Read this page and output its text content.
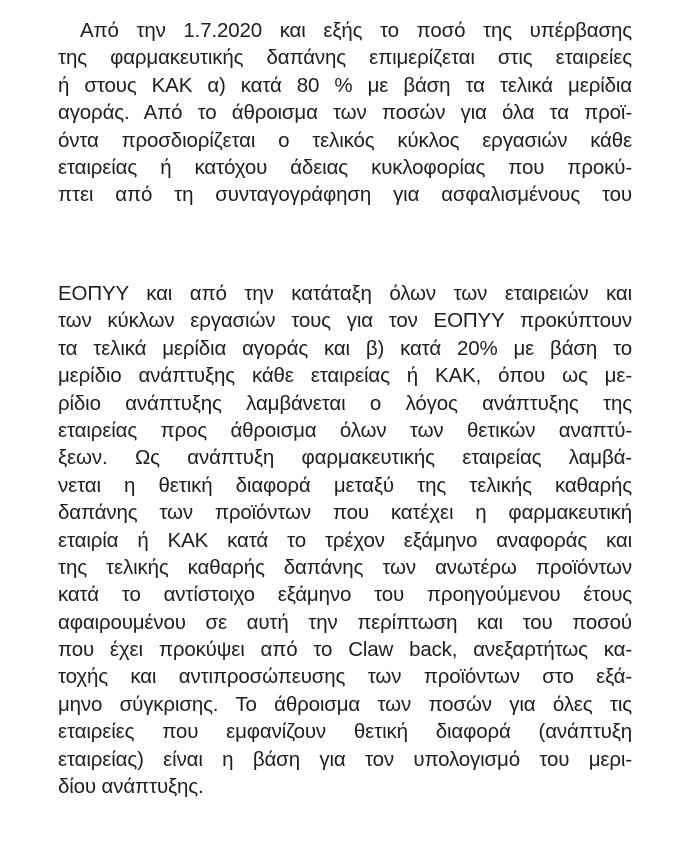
Από την 1.7.2020 και εξής το ποσό της υπέρβασης
της φαρμακευτικής δαπάνης επιμερίζεται στις εταιρείες
ή στους ΚΑΚ α) κατά 80 % με βάση τα τελικά μερίδια
αγοράς. Από το άθροισμα των ποσών για όλα τα προϊ-
όντα προσδιορίζεται ο τελικός κύκλος εργασιών κάθε
εταιρείας ή κατόχου άδειας κυκλοφορίας που προκύ-
πτει από τη συνταγογράφηση για ασφαλισμένους του
ΕΟΠΥΥ και από την κατάταξη όλων των εταιρειών και
των κύκλων εργασιών τους για τον ΕΟΠΥΥ προκύπτουν
τα τελικά μερίδια αγοράς και β) κατά 20% με βάση το
μερίδιο ανάπτυξης κάθε εταιρείας ή ΚΑΚ, όπου ως με-
ρίδιο ανάπτυξης λαμβάνεται ο λόγος ανάπτυξης της
εταιρείας προς άθροισμα όλων των θετικών αναπτύ-
ξεων. Ως ανάπτυξη φαρμακευτικής εταιρείας λαμβά-
νεται η θετική διαφορά μεταξύ της τελικής καθαρής
δαπάνης των προϊόντων που κατέχει η φαρμακευτική
εταιρία ή ΚΑΚ κατά το τρέχον εξάμηνο αναφοράς και
της τελικής καθαρής δαπάνης των ανωτέρω προϊόντων
κατά το αντίστοιχο εξάμηνο του προηγούμενου έτους
αφαιρουμένου σε αυτή την περίπτωση και του ποσού
που έχει προκύψει από το Claw back, ανεξαρτήτως κα-
τοχής και αντιπροσώπευσης των προϊόντων στο εξά-
μηνο σύγκρισης. Το άθροισμα των ποσών για όλες τις
εταιρείες που εμφανίζουν θετική διαφορά (ανάπτυξη
εταιρείας) είναι η βάση για τον υπολογισμό του μερι-
δίου ανάπτυξης.
